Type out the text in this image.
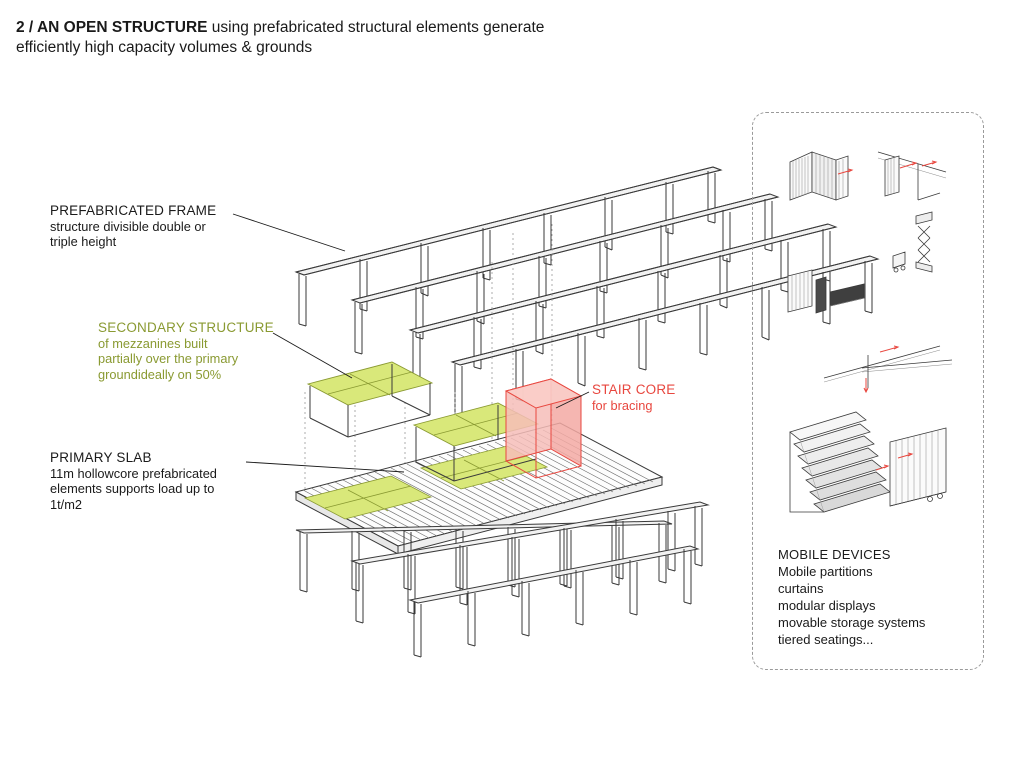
2 / AN OPEN STRUCTURE using prefabricated structural elements generate
efficiently high capacity volumes & grounds
PREFABRICATED FRAME
structure divisible double or
triple height
SECONDARY STRUCTURE
of mezzanines built
partially over the primary
groundideally on 50%
PRIMARY SLAB
11m hollowcore prefabricated
elements supports load up to
1t/m2
STAIR CORE
for bracing
MOBILE DEVICES
Mobile partitions
curtains
modular displays
movable storage systems
tiered seatings...
